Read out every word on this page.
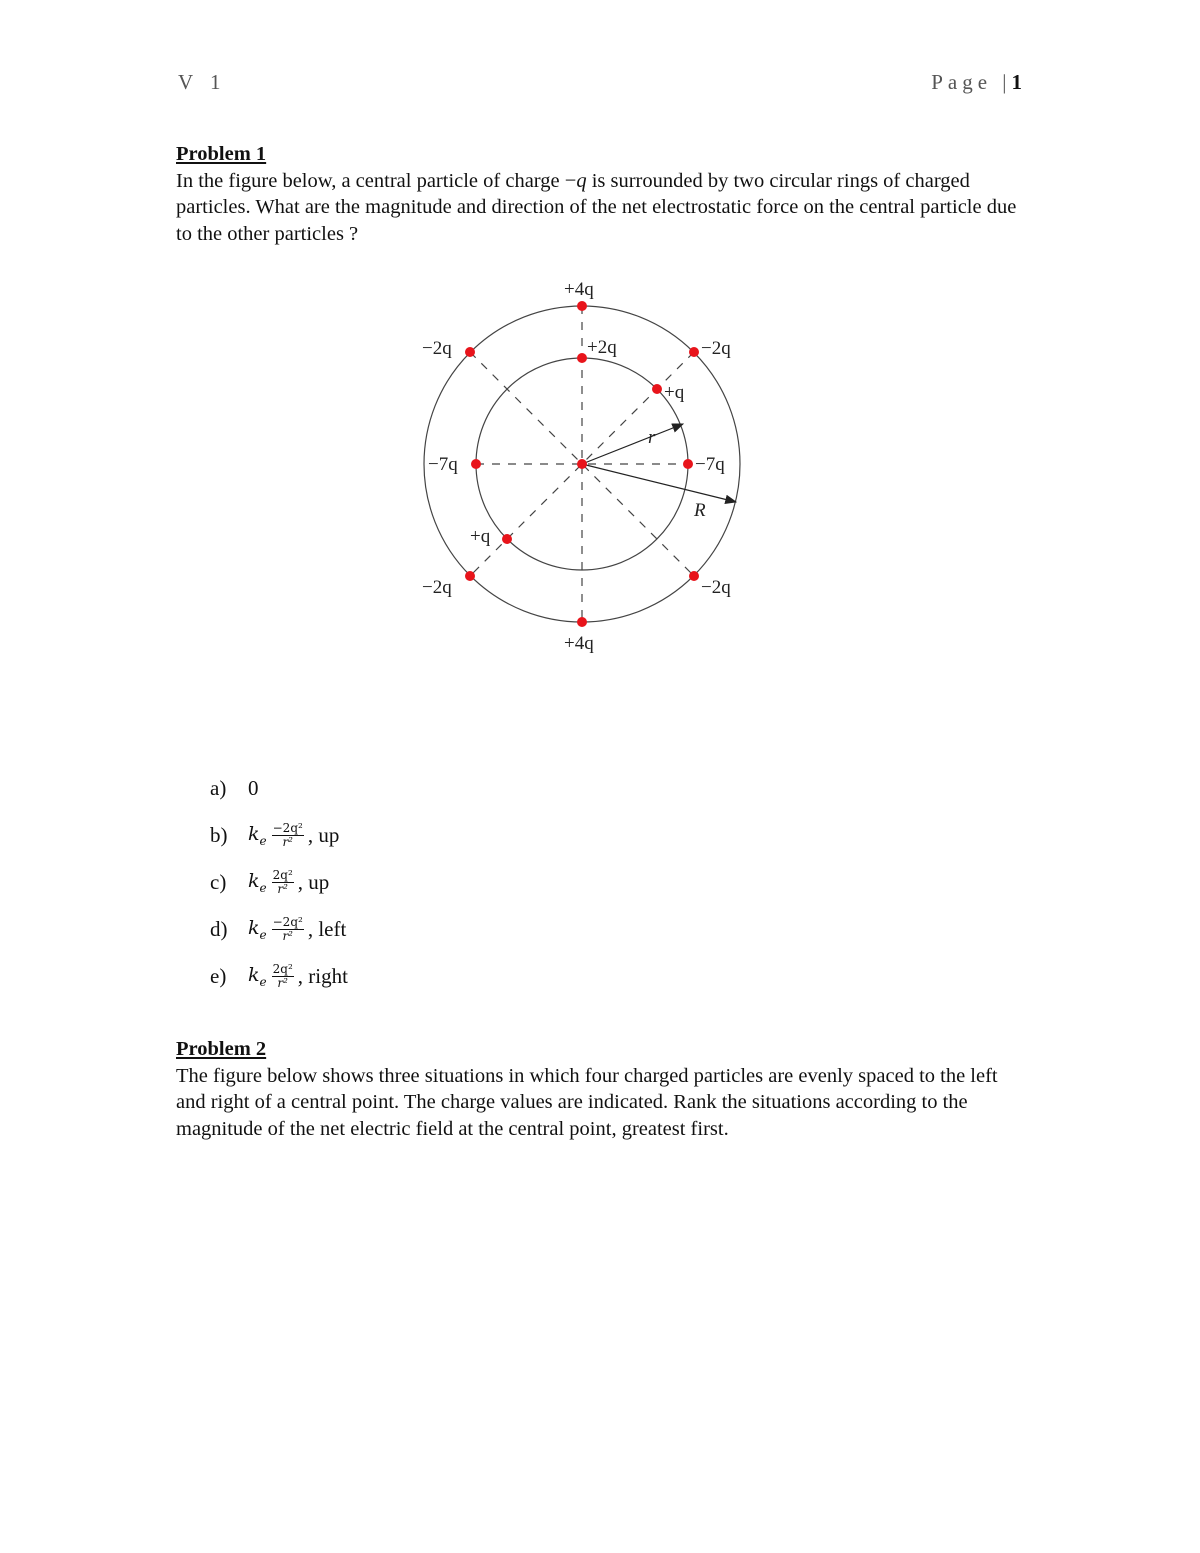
V 1	Page |1
Problem 1
In the figure below, a central particle of charge −q is surrounded by two circular rings of charged particles. What are the magnitude and direction of the net electrostatic force on the central particle due to the other particles ?
+4q
+4q
−2q	−2q
−2q	−2q
+2q
−7q	−7q
+q
+q
r
R
a)	0
b)	$k_e \frac{\text{−2q²}}{\text{r²}}$ , up
c)	$k_e \frac{\text{2q²}}{\text{r²}}$ , up
d)	$k_e \frac{\text{−2q²}}{\text{r²}}$ , left
e)	$k_e \frac{\text{2q²}}{\text{r²}}$ , right
Problem 2
The figure below shows three situations in which four charged particles are evenly spaced to the left and right of a central point. The charge values are indicated. Rank the situations according to the magnitude of the net electric field at the central point, greatest first.
